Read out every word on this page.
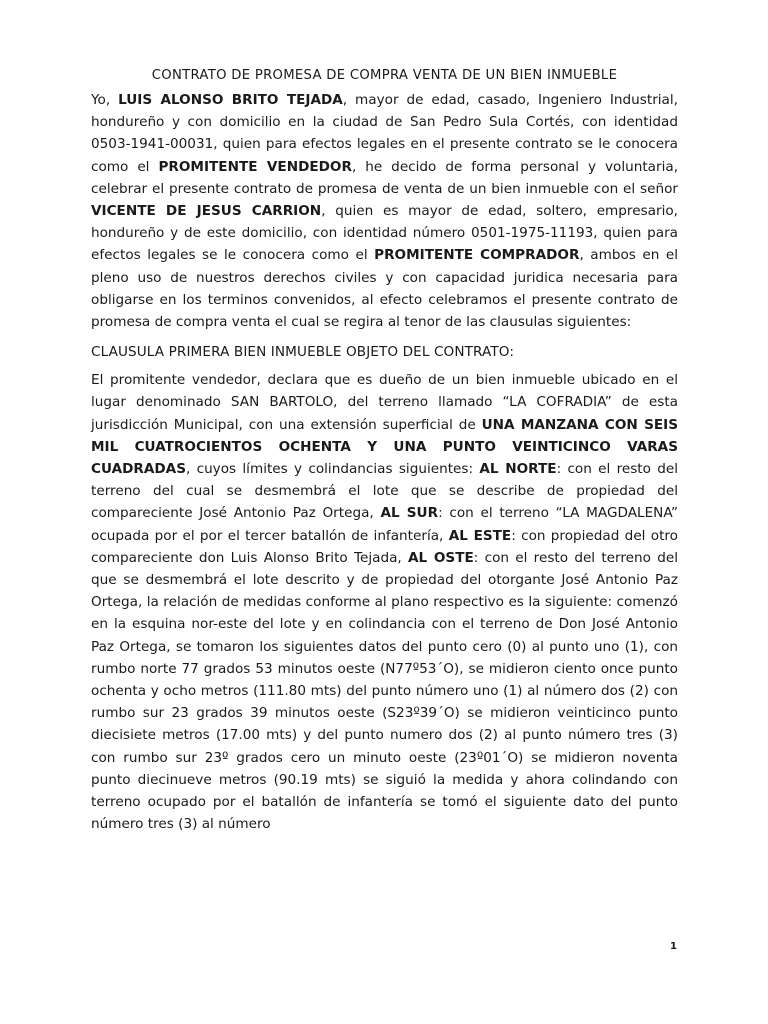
CONTRATO DE PROMESA DE COMPRA VENTA DE UN BIEN INMUEBLE

Yo, LUIS ALONSO BRITO TEJADA, mayor de edad, casado, Ingeniero Industrial, hondureño y con domicilio en la ciudad de San Pedro Sula Cortés, con identidad 0503-1941-00031, quien para efectos legales en el presente contrato se le conocera como el PROMITENTE VENDEDOR, he decido de forma personal y voluntaria, celebrar el presente contrato de promesa de venta de un bien inmueble con el señor VICENTE DE JESUS CARRION, quien es mayor de edad, soltero, empresario, hondureño y de este domicilio, con identidad número 0501-1975-11193, quien para efectos legales se le conocera como el PROMITENTE COMPRADOR, ambos en el pleno uso de nuestros derechos civiles y con capacidad juridica necesaria para obligarse en los terminos convenidos, al efecto celebramos el presente contrato de promesa de compra venta el cual se regira al tenor de las clausulas siguientes:

CLAUSULA PRIMERA BIEN INMUEBLE OBJETO DEL CONTRATO:

El promitente vendedor, declara que es dueño de un bien inmueble ubicado en el lugar denominado SAN BARTOLO, del terreno llamado “LA COFRADIA” de esta jurisdicción Municipal, con una extensión superficial de UNA MANZANA CON SEIS MIL CUATROCIENTOS OCHENTA Y UNA PUNTO VEINTICINCO VARAS CUADRADAS, cuyos límites y colindancias siguientes: AL NORTE: con el resto del terreno del cual se desmembrá el lote que se describe de propiedad del compareciente José Antonio Paz Ortega, AL SUR: con el terreno “LA MAGDALENA” ocupada por el por el tercer batallón de infantería, AL ESTE: con propiedad del otro compareciente don Luis Alonso Brito Tejada, AL OSTE: con el resto del terreno del que se desmembrá el lote descrito y de propiedad del otorgante José Antonio Paz Ortega, la relación de medidas conforme al plano respectivo es la siguiente: comenzó en la esquina nor-este del lote y en colindancia con el terreno de Don José Antonio Paz Ortega, se tomaron los siguientes datos del punto cero (0) al punto uno (1), con rumbo norte 77 grados 53 minutos oeste (N77º53´O), se midieron ciento once punto ochenta y ocho metros (111.80 mts) del punto número uno (1) al número dos (2) con rumbo sur 23 grados 39 minutos oeste (S23º39´O) se midieron veinticinco punto diecisiete metros (17.00 mts) y del punto numero dos (2) al punto número tres (3) con rumbo sur 23º grados cero un minuto oeste (23º01´O) se midieron noventa punto diecinueve metros (90.19 mts) se siguió la medida y ahora colindando con terreno ocupado por el batallón de infantería se tomó el siguiente dato del punto número tres (3) al número

1
